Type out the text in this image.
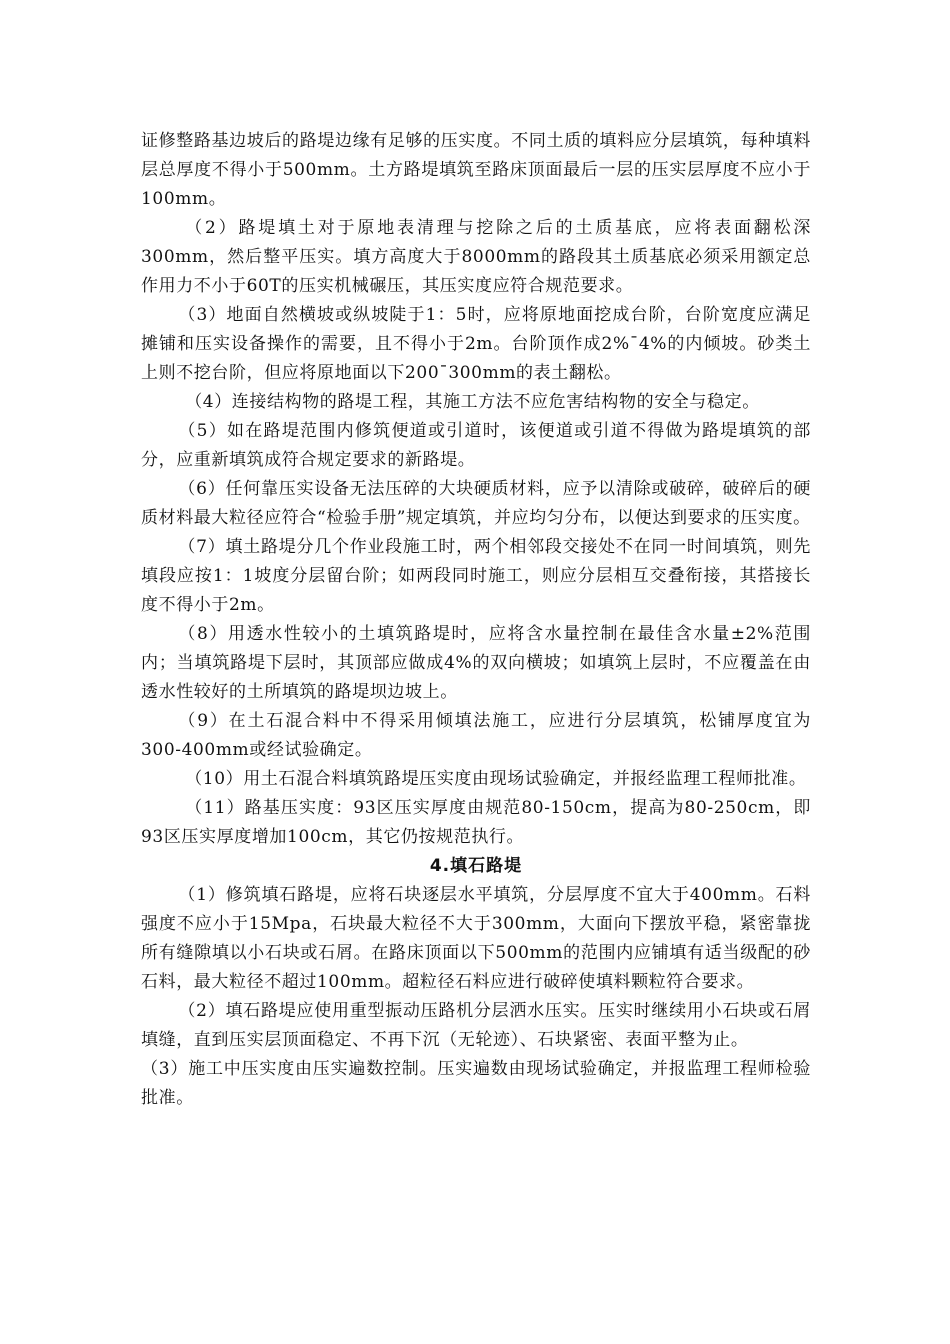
证修整路基边坡后的路堤边缘有足够的压实度。不同土质的填料应分层填筑，每种填料层总厚度不得小于500mm。土方路堤填筑至路床顶面最后一层的压实层厚度不应小于100mm。

（2）路堤填土对于原地表清理与挖除之后的土质基底，应将表面翻松深300mm，然后整平压实。填方高度大于8000mm的路段其土质基底必须采用额定总作用力不小于60T的压实机械碾压，其压实度应符合规范要求。

（3）地面自然横坡或纵坡陡于1：5时，应将原地面挖成台阶，台阶宽度应满足摊铺和压实设备操作的需要，且不得小于2m。台阶顶作成2%¯4%的内倾坡。砂类土上则不挖台阶，但应将原地面以下200¯300mm的表土翻松。

（4）连接结构物的路堤工程，其施工方法不应危害结构物的安全与稳定。

（5）如在路堤范围内修筑便道或引道时，该便道或引道不得做为路堤填筑的部分，应重新填筑成符合规定要求的新路堤。

（6）任何靠压实设备无法压碎的大块硬质材料，应予以清除或破碎，破碎后的硬质材料最大粒径应符合“检验手册”规定填筑，并应均匀分布，以便达到要求的压实度。

（7）填土路堤分几个作业段施工时，两个相邻段交接处不在同一时间填筑，则先填段应按1：1坡度分层留台阶；如两段同时施工，则应分层相互交叠衔接，其搭接长度不得小于2m。

（8）用透水性较小的土填筑路堤时，应将含水量控制在最佳含水量±2%范围内；当填筑路堤下层时，其顶部应做成4%的双向横坡；如填筑上层时，不应覆盖在由透水性较好的土所填筑的路堤坝边坡上。

（9）在土石混合料中不得采用倾填法施工，应进行分层填筑，松铺厚度宜为300-400mm或经试验确定。

（10）用土石混合料填筑路堤压实度由现场试验确定，并报经监理工程师批准。

（11）路基压实度：93区压实厚度由规范80-150cm，提高为80-250cm，即93区压实厚度增加100cm，其它仍按规范执行。

4.填石路堤

（1）修筑填石路堤，应将石块逐层水平填筑，分层厚度不宜大于400mm。石料强度不应小于15Mpa，石块最大粒径不大于300mm，大面向下摆放平稳，紧密靠拢所有缝隙填以小石块或石屑。在路床顶面以下500mm的范围内应铺填有适当级配的砂石料，最大粒径不超过100mm。超粒径石料应进行破碎使填料颗粒符合要求。

（2）填石路堤应使用重型振动压路机分层洒水压实。压实时继续用小石块或石屑填缝，直到压实层顶面稳定、不再下沉（无轮迹）、石块紧密、表面平整为止。

（3）施工中压实度由压实遍数控制。压实遍数由现场试验确定，并报监理工程师检验批准。
